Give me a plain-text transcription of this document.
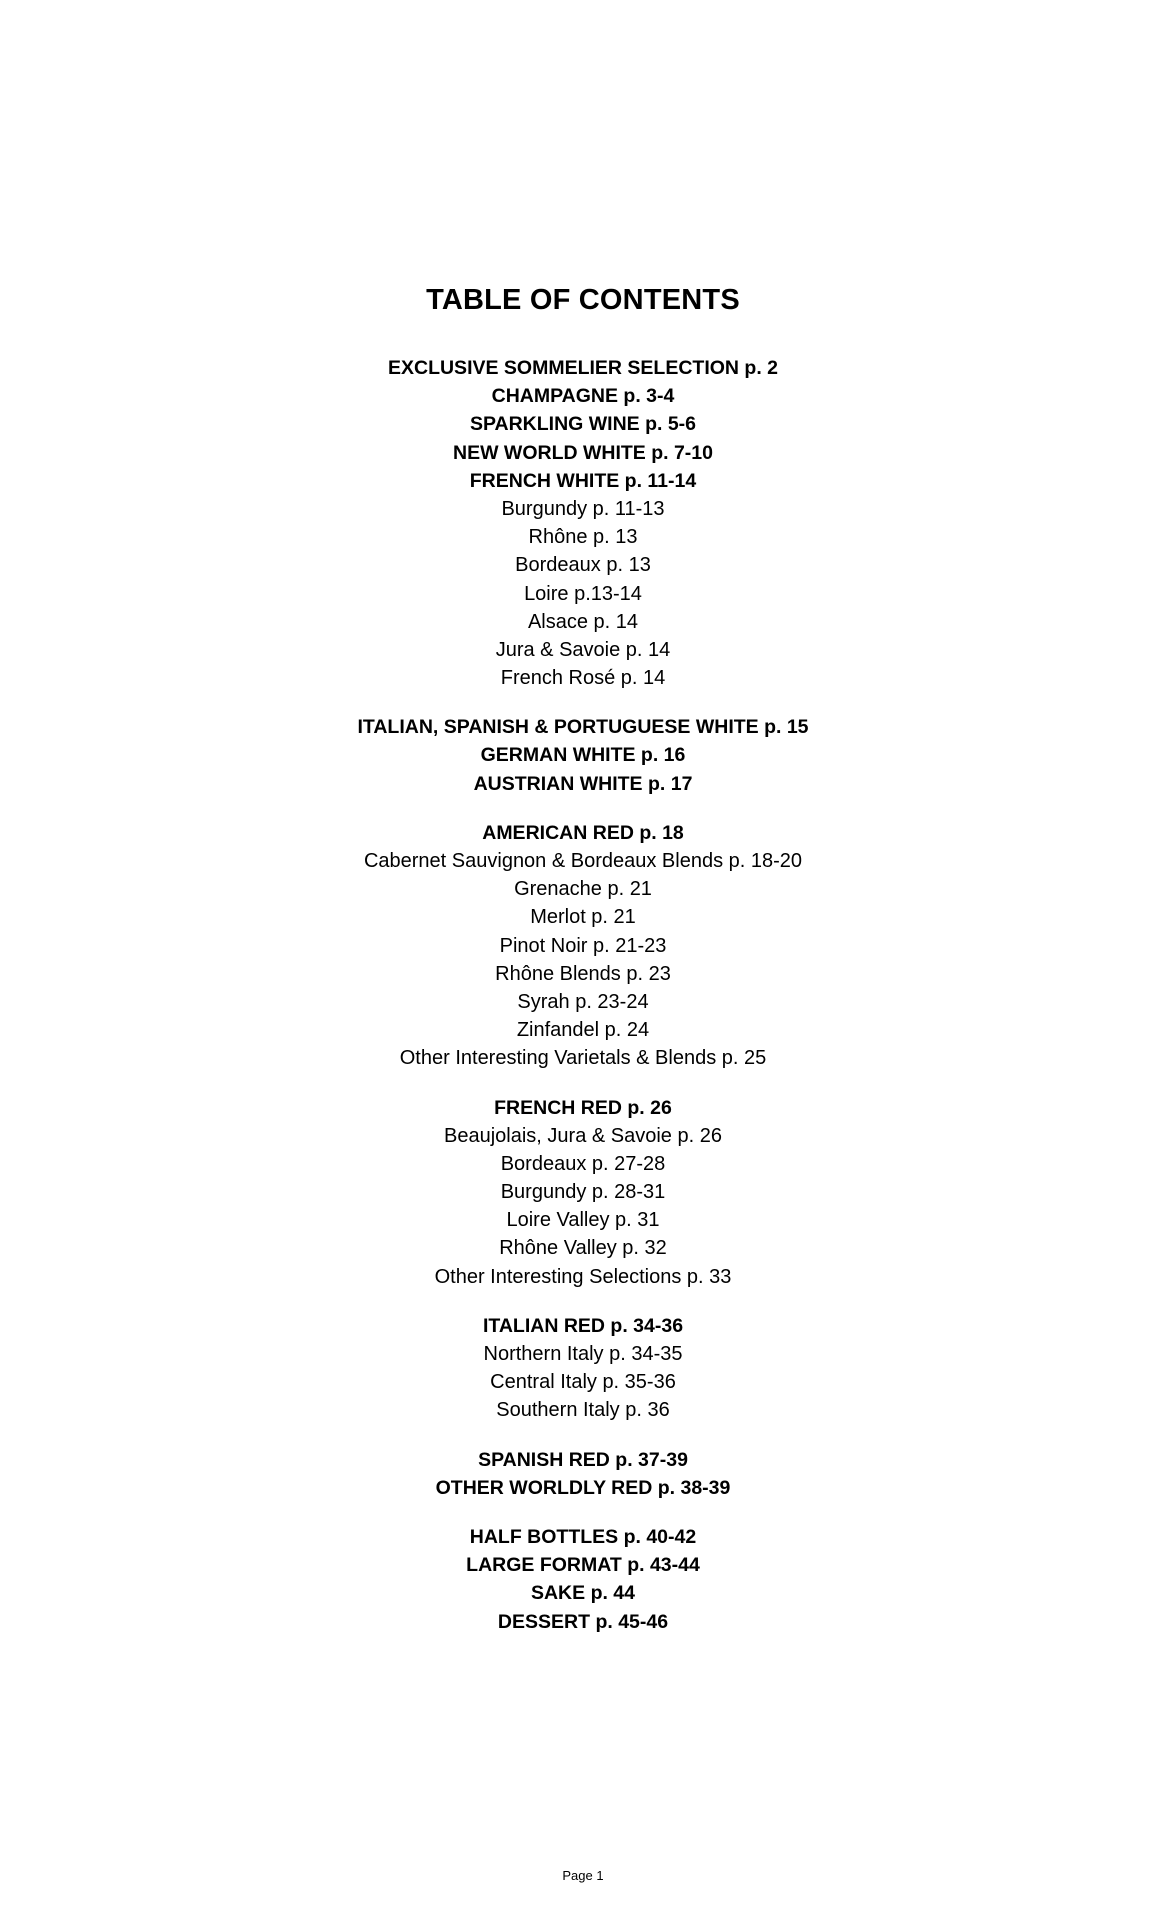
TABLE OF CONTENTS
EXCLUSIVE SOMMELIER SELECTION p. 2
CHAMPAGNE p. 3-4
SPARKLING WINE p. 5-6
NEW WORLD WHITE p. 7-10
FRENCH WHITE p. 11-14
Burgundy p. 11-13
Rhône p. 13
Bordeaux p. 13
Loire p.13-14
Alsace p. 14
Jura & Savoie p. 14
French Rosé p. 14
ITALIAN, SPANISH & PORTUGUESE WHITE p. 15
GERMAN WHITE p. 16
AUSTRIAN WHITE p. 17
AMERICAN RED p. 18
Cabernet Sauvignon & Bordeaux Blends p. 18-20
Grenache p. 21
Merlot p. 21
Pinot Noir p. 21-23
Rhône Blends p. 23
Syrah p. 23-24
Zinfandel p. 24
Other Interesting Varietals & Blends p. 25
FRENCH RED p. 26
Beaujolais, Jura & Savoie p. 26
Bordeaux p. 27-28
Burgundy p. 28-31
Loire Valley p. 31
Rhône Valley p. 32
Other Interesting Selections p. 33
ITALIAN RED p. 34-36
Northern Italy p. 34-35
Central Italy p. 35-36
Southern Italy p. 36
SPANISH RED p. 37-39
OTHER WORLDLY RED p. 38-39
HALF BOTTLES p. 40-42
LARGE FORMAT p. 43-44
SAKE p. 44
DESSERT p. 45-46
Page 1
